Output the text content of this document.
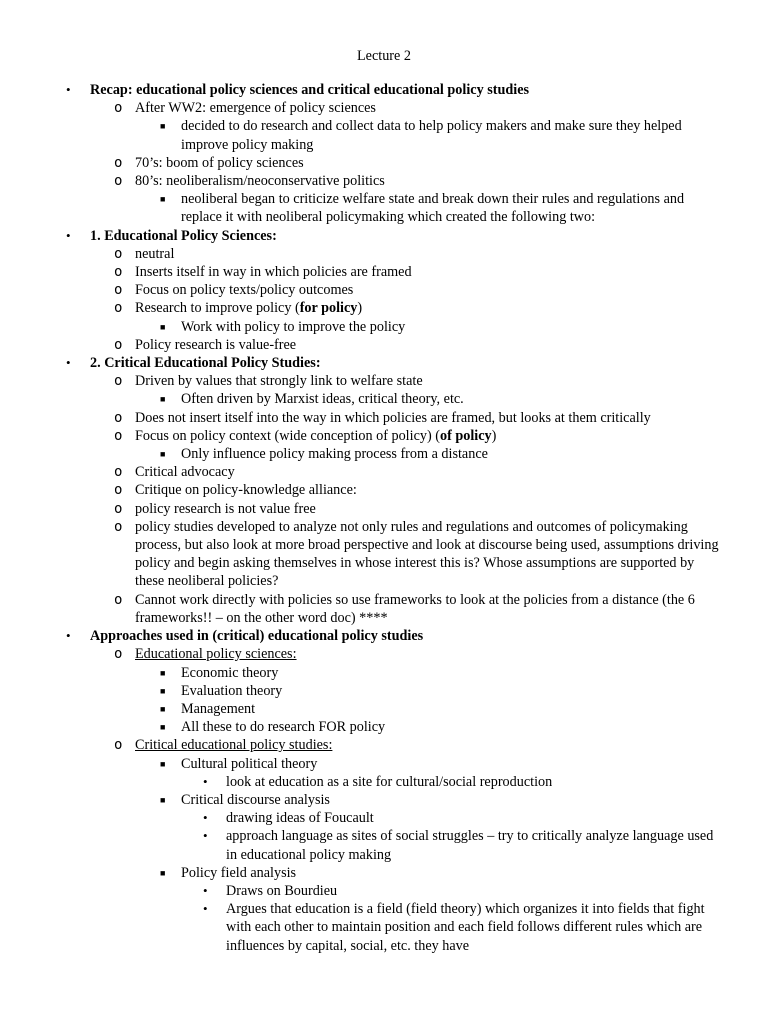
Lecture 2
• Recap: educational policy sciences and critical educational policy studies
o After WW2: emergence of policy sciences
■ decided to do research and collect data to help policy makers and make sure they helped improve policy making
o 70’s: boom of policy sciences
o 80’s: neoliberalism/neoconservative politics
■ neoliberal began to criticize welfare state and break down their rules and regulations and replace it with neoliberal policymaking which created the following two:
• 1. Educational Policy Sciences:
o neutral
o Inserts itself in way in which policies are framed
o Focus on policy texts/policy outcomes
o Research to improve policy (for policy)
■ Work with policy to improve the policy
o Policy research is value-free
• 2. Critical Educational Policy Studies:
o Driven by values that strongly link to welfare state
■ Often driven by Marxist ideas, critical theory, etc.
o Does not insert itself into the way in which policies are framed, but looks at them critically
o Focus on policy context (wide conception of policy) (of policy)
■ Only influence policy making process from a distance
o Critical advocacy
o Critique on policy-knowledge alliance:
o policy research is not value free
o policy studies developed to analyze not only rules and regulations and outcomes of policymaking process, but also look at more broad perspective and look at discourse being used, assumptions driving policy and begin asking themselves in whose interest this is? Whose assumptions are supported by these neoliberal policies?
o Cannot work directly with policies so use frameworks to look at the policies from a distance (the 6 frameworks!! – on the other word doc) ****
• Approaches used in (critical) educational policy studies
o Educational policy sciences:
■ Economic theory
■ Evaluation theory
■ Management
■ All these to do research FOR policy
o Critical educational policy studies:
■ Cultural political theory
• look at education as a site for cultural/social reproduction
■ Critical discourse analysis
• drawing ideas of Foucault
• approach language as sites of social struggles – try to critically analyze language used in educational policy making
■ Policy field analysis
• Draws on Bourdieu
• Argues that education is a field (field theory) which organizes it into fields that fight with each other to maintain position and each field follows different rules which are influences by capital, social, etc. they have
